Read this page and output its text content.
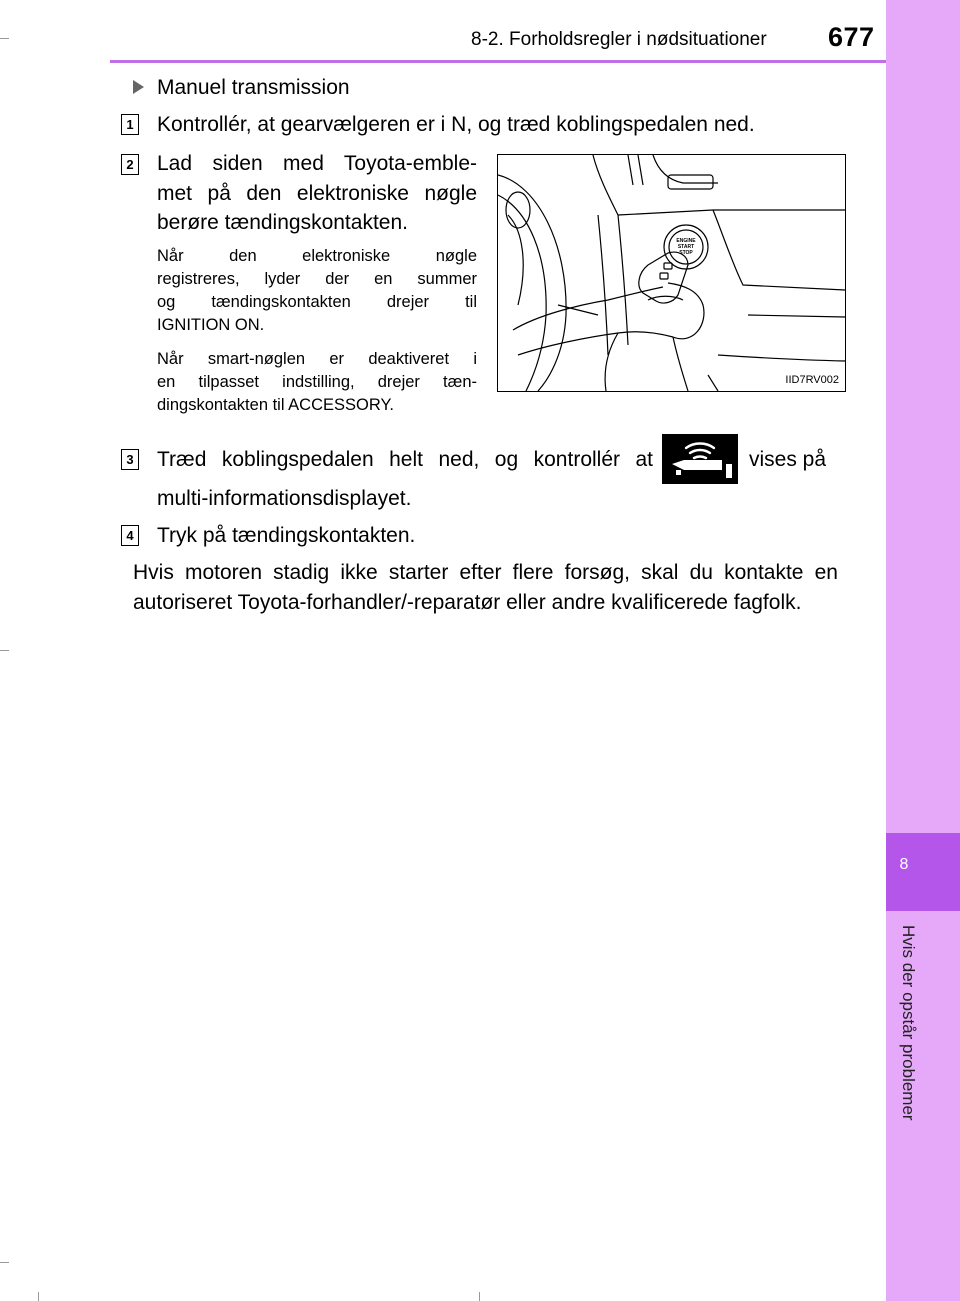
8
Hvis der opstår problemer
8-2. Forholdsregler i nødsituationer 677
Manuel transmission
1 Kontrollér, at gearvælgeren er i N, og træd koblingspedalen ned.
2 Lad siden med Toyota-emble-
met på den elektroniske nøgle
berøre tændingskontakten.
Når den elektroniske nøgle
registreres, lyder der en summer
og tændingskontakten drejer til
IGNITION ON.
Når smart-nøglen er deaktiveret i
en tilpasset indstilling, drejer tæn-
dingskontakten til ACCESSORY.
ENGINE
START
STOP
IID7RV002
3 Træd koblingspedalen helt ned, og kontrollér at	vises på
multi-informationsdisplayet.
4 Tryk på tændingskontakten.
Hvis motoren stadig ikke starter efter flere forsøg, skal du kontakte en
autoriseret Toyota-forhandler/-reparatør eller andre kvalificerede fagfolk.
